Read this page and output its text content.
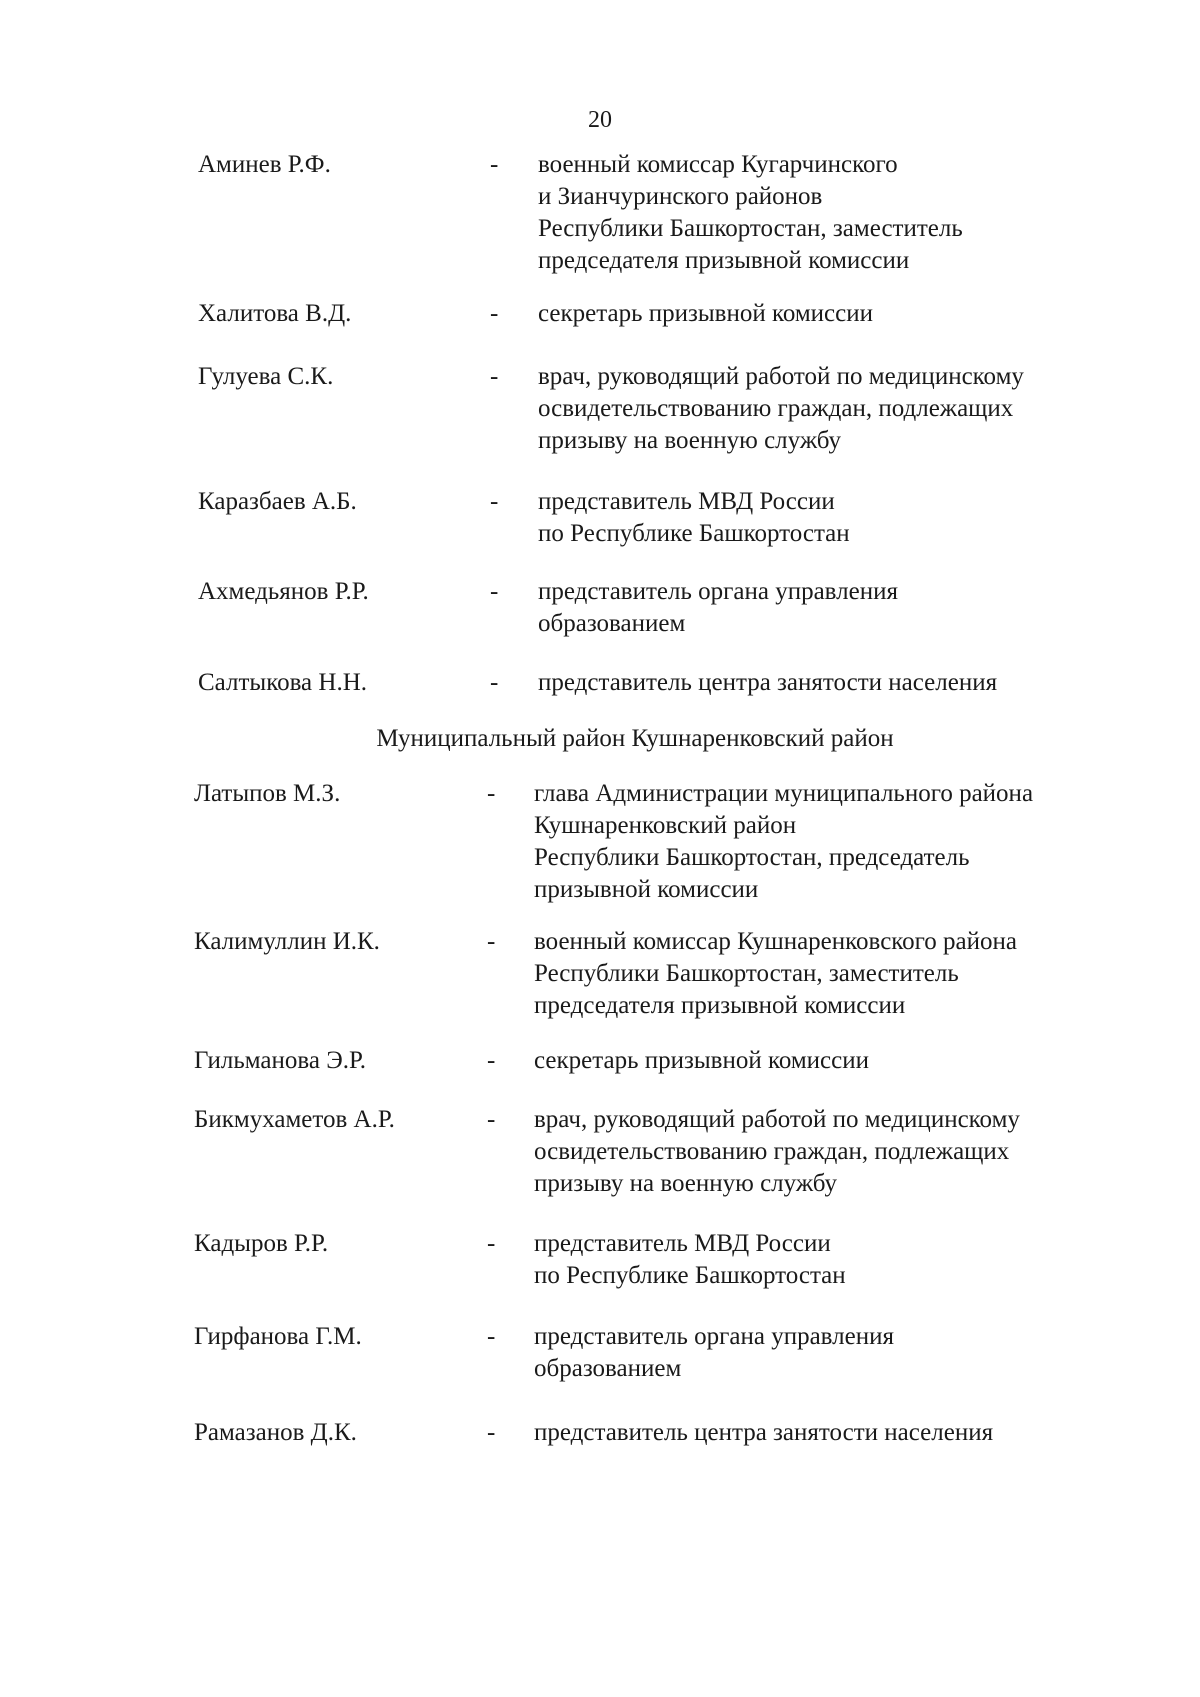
20
Аминев Р.Ф.	- военный комиссар Кугарчинского
и Зианчуринского районов
Республики Башкортостан, заместитель
председателя призывной комиссии
Халитова В.Д.	- секретарь призывной комиссии
Гулуева С.К.	- врач, руководящий работой по медицинскому
освидетельствованию граждан, подлежащих
призыву на военную службу
Каразбаев А.Б.	- представитель МВД России
по Республике Башкортостан
Ахмедьянов Р.Р.	- представитель органа управления
образованием
Салтыкова Н.Н.	- представитель центра занятости населения
Муниципальный район Кушнаренковский район
Латыпов М.З.	- глава Администрации муниципального района
Кушнаренковский район
Республики Башкортостан, председатель
призывной комиссии
Калимуллин И.К.	- военный комиссар Кушнаренковского района
Республики Башкортостан, заместитель
председателя призывной комиссии
Гильманова Э.Р.	- секретарь призывной комиссии
Бикмухаметов А.Р.	- врач, руководящий работой по медицинскому
освидетельствованию граждан, подлежащих
призыву на военную службу
Кадыров Р.Р.	- представитель МВД России
по Республике Башкортостан
Гирфанова Г.М.	- представитель органа управления
образованием
Рамазанов Д.К.	- представитель центра занятости населения
